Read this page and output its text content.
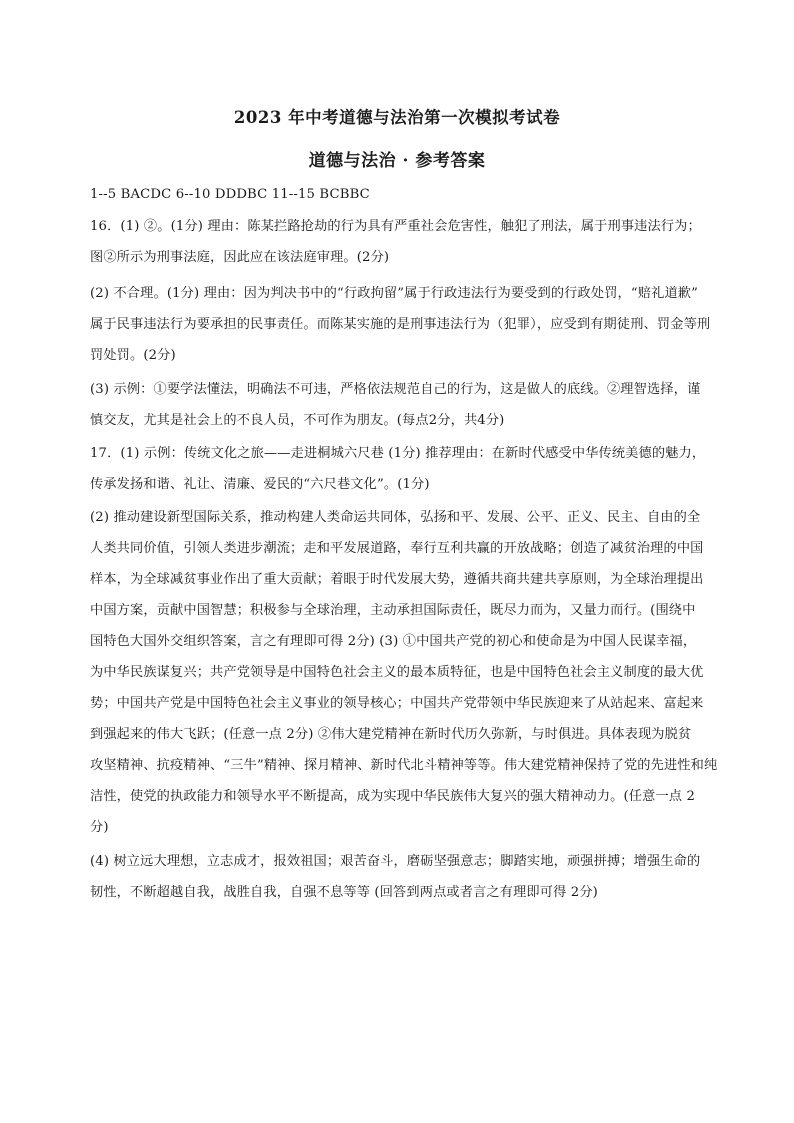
2023 年中考道德与法治第一次模拟考试卷
道德与法治 · 参考答案
1--5 BACDC 6--10 DDDBC 11--15 BCBBC
16．(1) ②。(1分) 理由：陈某拦路抢劫的行为具有严重社会危害性，触犯了刑法，属于刑事违法行为；
图②所示为刑事法庭，因此应在该法庭审理。(2分)
(2) 不合理。(1分) 理由：因为判决书中的“行政拘留”属于行政违法行为要受到的行政处罚，“赔礼道歉”
属于民事违法行为要承担的民事责任。而陈某实施的是刑事违法行为（犯罪），应受到有期徒刑、罚金等刑
罚处罚。(2分)
(3) 示例：①要学法懂法，明确法不可违，严格依法规范自己的行为，这是做人的底线。②理智选择，谨
慎交友，尤其是社会上的不良人员，不可作为朋友。(每点2分，共4分)
17．(1) 示例：传统文化之旅——走进桐城六尺巷 (1分) 推荐理由：在新时代感受中华传统美德的魅力，
传承发扬和谐、礼让、清廉、爱民的“六尺巷文化”。(1分)
(2) 推动建设新型国际关系，推动构建人类命运共同体，弘扬和平、发展、公平、正义、民主、自由的全
人类共同价值，引领人类进步潮流；走和平发展道路，奉行互利共赢的开放战略；创造了减贫治理的中国
样本，为全球减贫事业作出了重大贡献；着眼于时代发展大势，遵循共商共建共享原则，为全球治理提出
中国方案，贡献中国智慧；积极参与全球治理，主动承担国际责任，既尽力而为，又量力而行。(围绕中
国特色大国外交组织答案，言之有理即可得 2分) (3) ①中国共产党的初心和使命是为中国人民谋幸福，
为中华民族谋复兴；共产党领导是中国特色社会主义的最本质特征，也是中国特色社会主义制度的最大优
势；中国共产党是中国特色社会主义事业的领导核心；中国共产党带领中华民族迎来了从站起来、富起来
到强起来的伟大飞跃；(任意一点 2分) ②伟大建党精神在新时代历久弥新，与时俱进。具体表现为脱贫
攻坚精神、抗疫精神、“三牛”精神、探月精神、新时代北斗精神等等。伟大建党精神保持了党的先进性和纯
洁性，使党的执政能力和领导水平不断提高，成为实现中华民族伟大复兴的强大精神动力。(任意一点 2
分)
(4) 树立远大理想，立志成才，报效祖国；艰苦奋斗，磨砺坚强意志；脚踏实地，顽强拼搏；增强生命的
韧性，不断超越自我，战胜自我，自强不息等等 (回答到两点或者言之有理即可得 2分)
